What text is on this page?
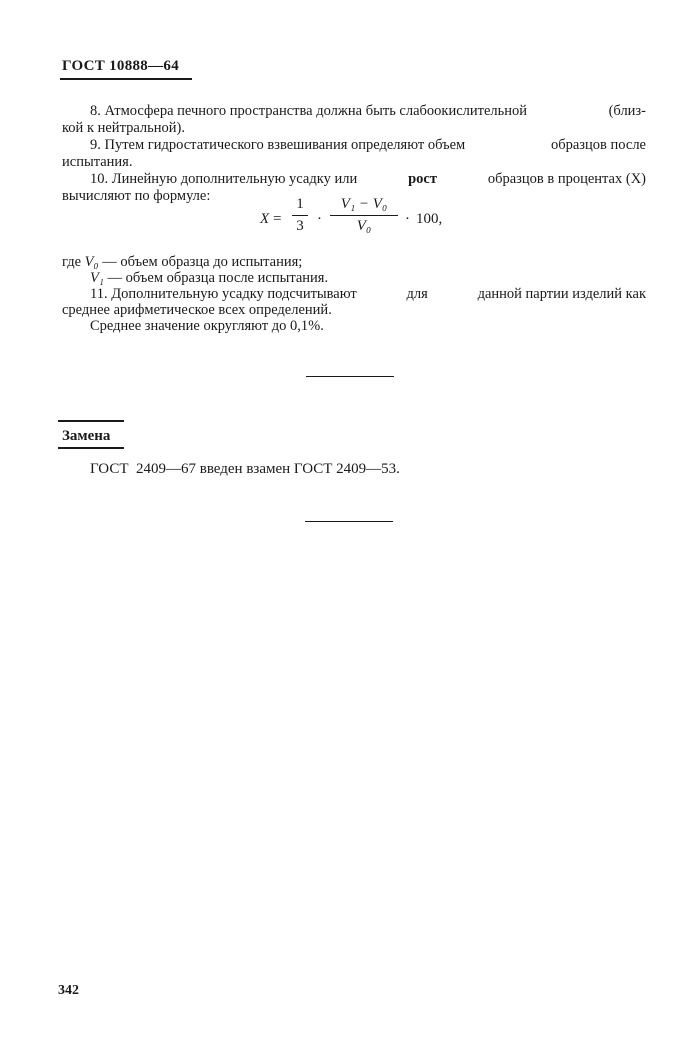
ГОСТ 10888—64
8. Атмосфера печного пространства должна быть слабоокислительной	(близ-
кой к нейтральной).
9. Путем гидростатического взвешивания определяют объем	образцов после
испытания.
10. Линейную дополнительную усадку или	рост	образцов в процентах (X)
вычисляют по формуле:
X =
1
3 ·
V₁ − V₀
V₀	· 100,
где V₀ — объем образца до испытания;
V₁ — объем образца после испытания.
11. Дополнительную усадку подсчитывают	для	данной партии изделий как
среднее арифметическое всех определений.
Среднее значение округляют до 0,1%.
Замена
ГОСТ  2409—67 введен взамен ГОСТ 2409—53.
342
